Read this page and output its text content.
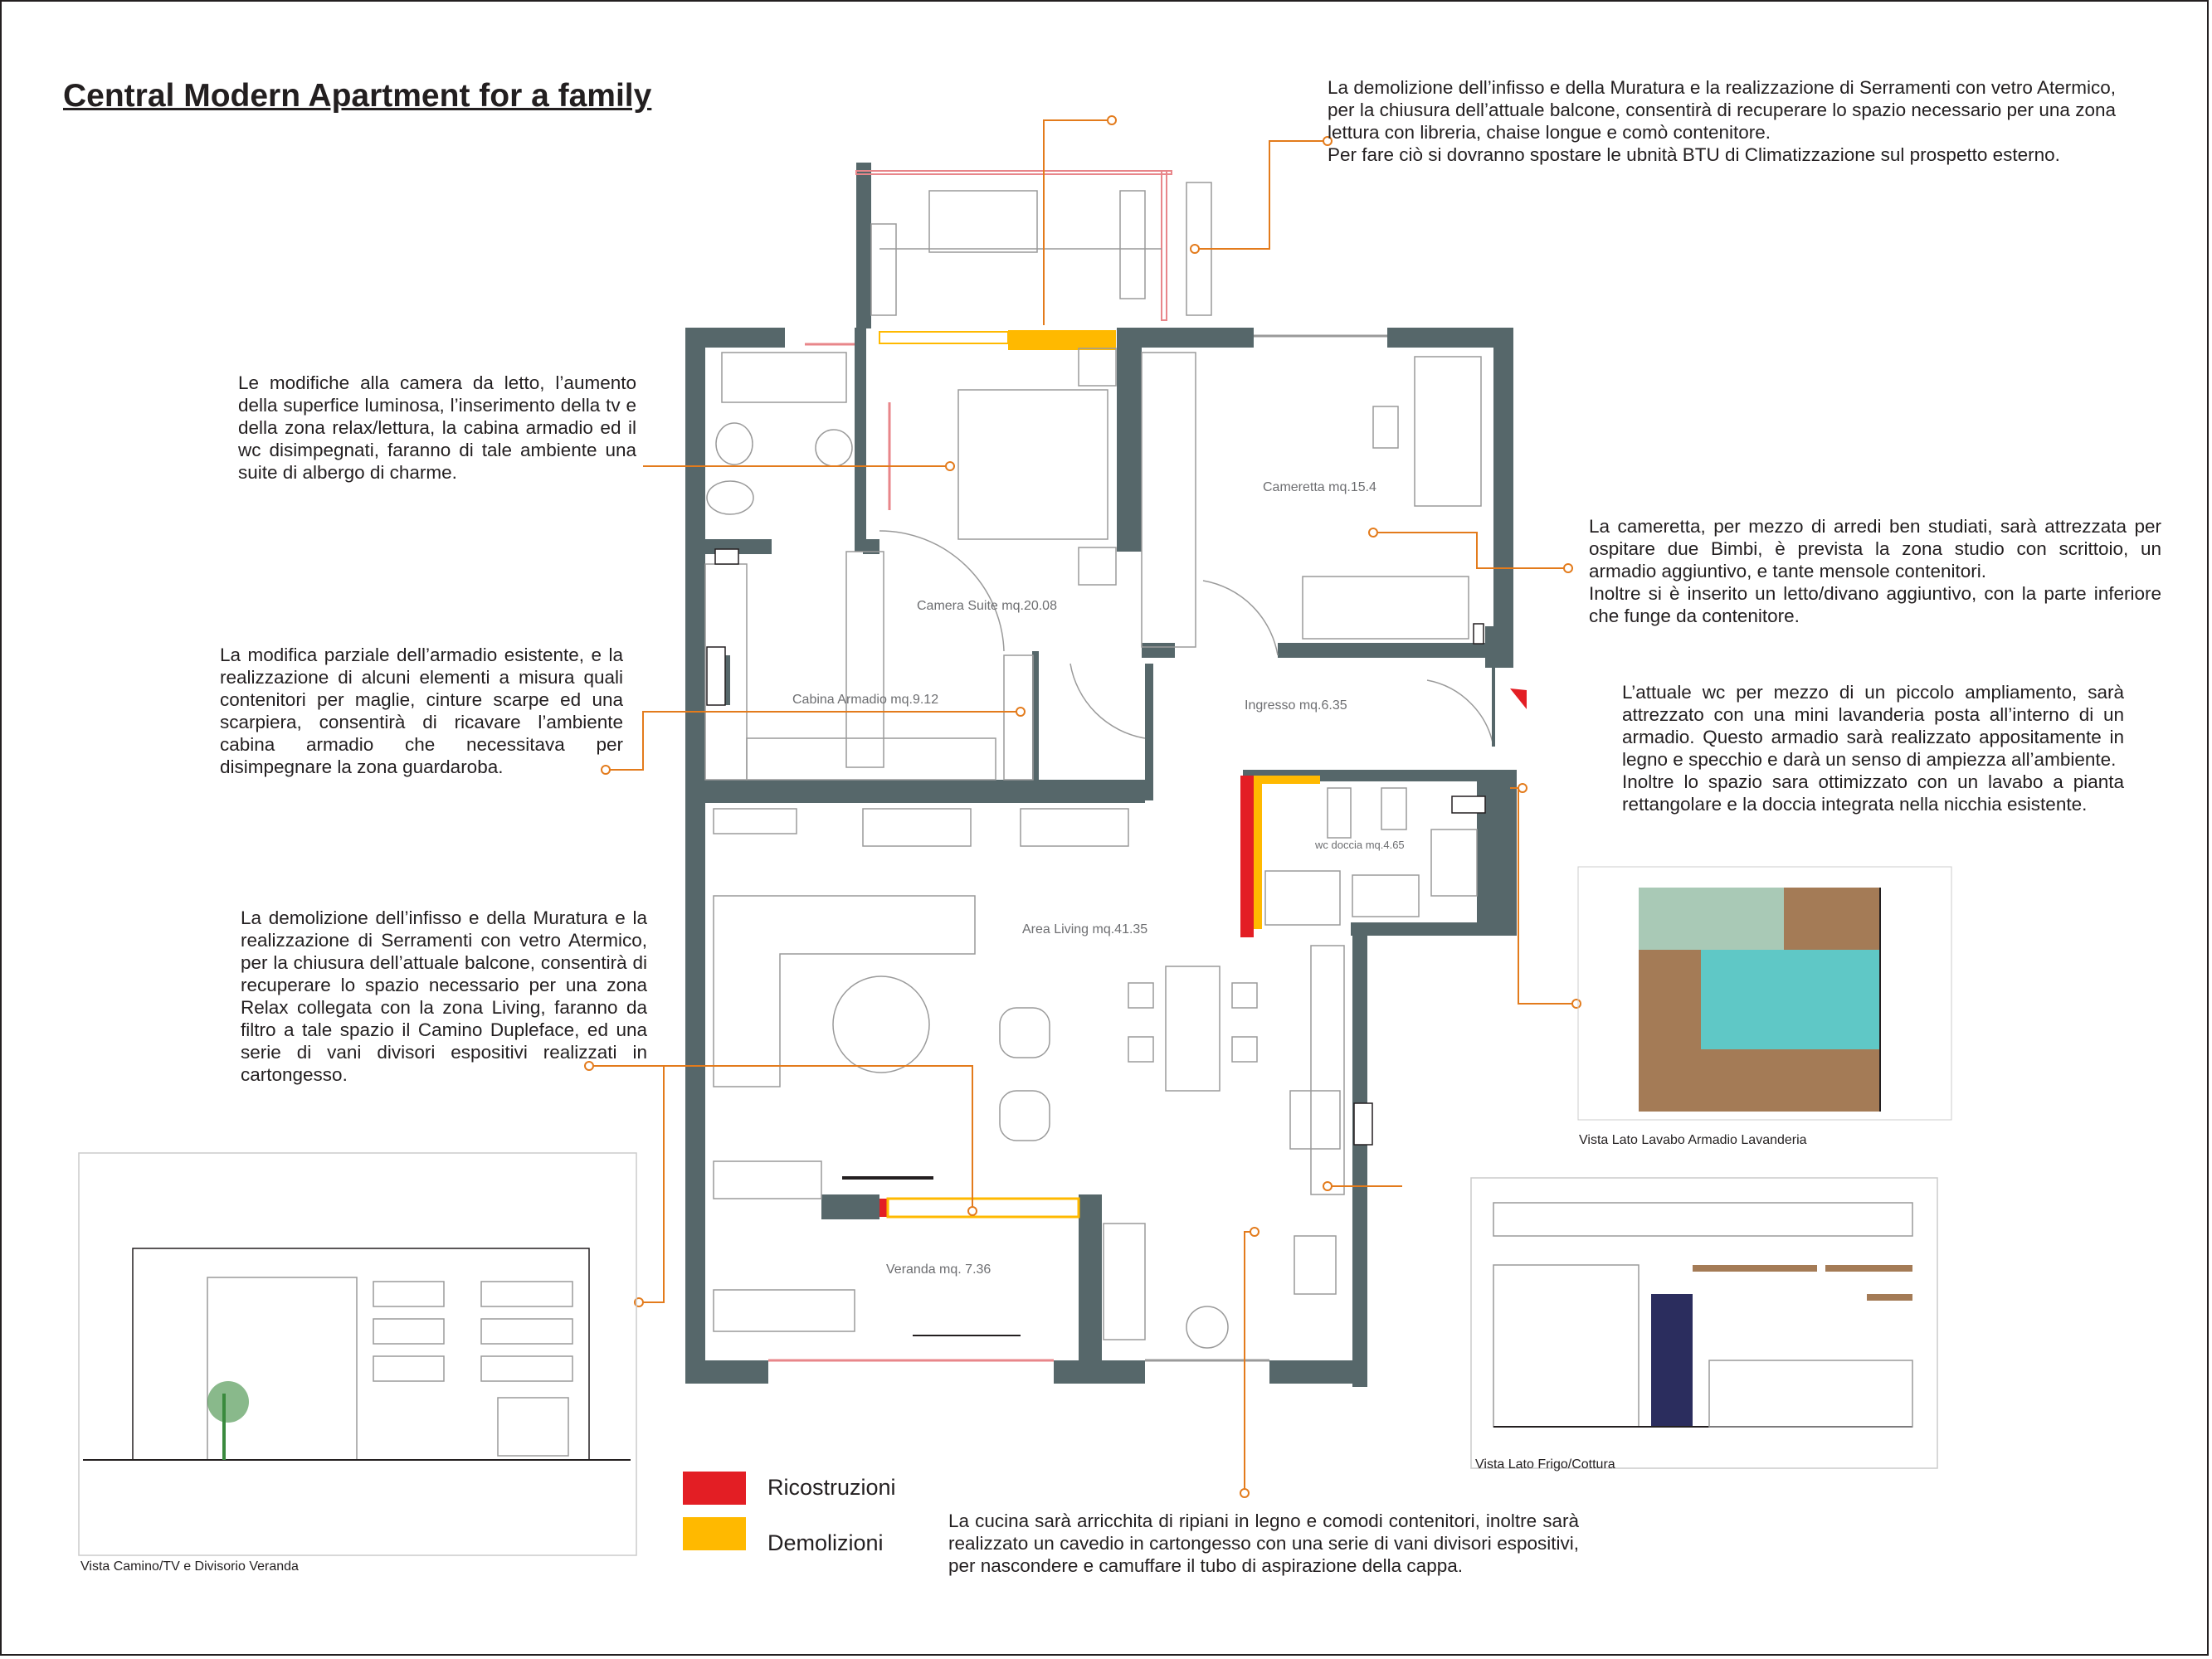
Central Modern Apartment for a family
Camera Suite mq.20.08
Cameretta mq.15.4
Cabina Armadio mq.9.12	Ingresso mq.6.35
wc doccia mq.4.65
Area Living mq.41.35
Veranda mq. 7.36

La demolizione dell’infisso e della Muratura e la realizzazione di Serramenti con vetro Atermico, per la chiusura dell’attuale balcone, consentirà di recuperare lo spazio necessario per una zona lettura con libreria, chaise longue e comò contenitore.

Per fare ciò si dovranno spostare le ubnità BTU di Climatizzazione sul prospetto esterno.

Le modifiche alla camera da letto, l’aumento della superfice luminosa, l’inserimento della tv e della zona relax/lettura, la cabina armadio ed il wc disimpegnati, faranno di tale ambiente una suite di albergo di charme.

La modifica parziale dell’armadio esistente, e la realizzazione di alcuni elementi a misura quali contenitori per maglie, cinture scarpe ed una scarpiera, consentirà di ricavare l’ambiente cabina armadio che necessitava per disimpegnare la zona guardaroba.

La demolizione dell’infisso e della Muratura e la realizzazione di Serramenti con vetro Atermico, per la chiusura dell’attuale balcone, consentirà di recuperare lo spazio necessario per una zona Relax collegata con la zona Living, faranno da filtro a tale spazio il Camino Dupleface, ed una serie di vani divisori espositivi realizzati in cartongesso.

La cameretta, per mezzo di arredi ben studiati, sarà attrezzata per ospitare due Bimbi, è prevista la zona studio con scrittoio, un armadio aggiuntivo, e tante mensole contenitori.

Inoltre si è inserito un letto/divano aggiuntivo, con la parte inferiore che funge da contenitore.

L’attuale wc per mezzo di un piccolo ampliamento, sarà attrezzato con una mini lavanderia posta all’interno di un armadio. Questo armadio sarà realizzato appositamente in legno e specchio e darà un senso di ampiezza all’ambiente.

Inoltre lo spazio sara ottimizzato con un lavabo a pianta rettangolare e la doccia integrata nella nicchia esistente.

La cucina sarà arricchita di ripiani in legno e comodi contenitori, inoltre sarà realizzato un cavedio in cartongesso con una serie di vani divisori espositivi, per nascondere e camuffare il tubo di aspirazione della cappa.

Ricostruzioni
Demolizioni
Vista Lato Lavabo Armadio Lavanderia
Vista Lato Frigo/Cottura
Vista Camino/TV e Divisorio Veranda
